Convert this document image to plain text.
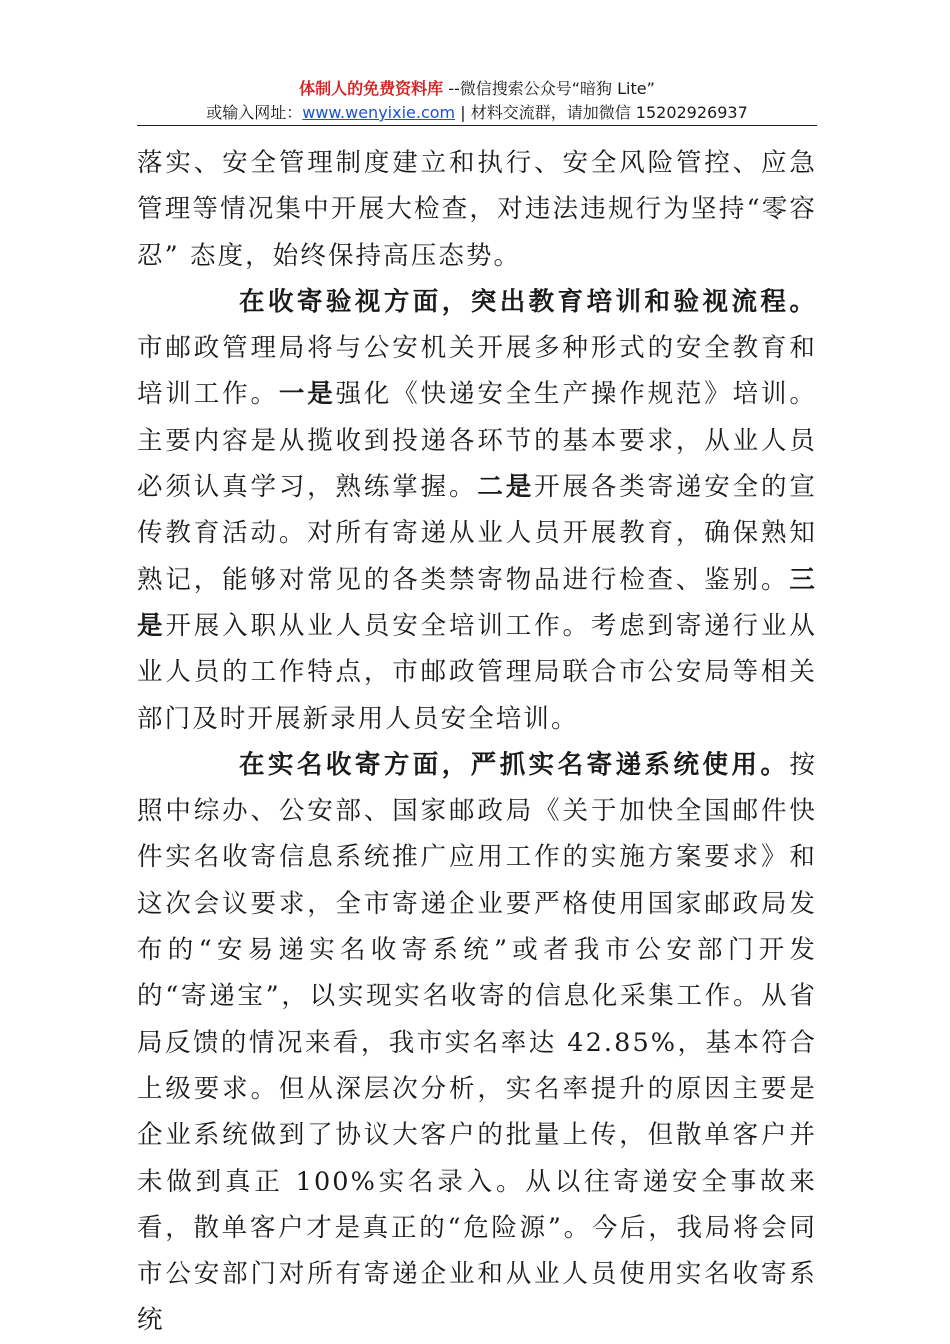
体制人的免费资料库 --微信搜索公众号“暗狗 Lite”
或输入网址：www.wenyixie.com | 材料交流群，请加微信 15202926937

落实、安全管理制度建立和执行、安全风险管控、应急管理等情况集中开展大检查，对违法违规行为坚持“零容忍” 态度，始终保持高压态势。

在收寄验视方面，突出教育培训和验视流程。市邮政管理局将与公安机关开展多种形式的安全教育和培训工作。一是强化《快递安全生产操作规范》培训。主要内容是从揽收到投递各环节的基本要求，从业人员必须认真学习，熟练掌握。二是开展各类寄递安全的宣传教育活动。对所有寄递从业人员开展教育，确保熟知熟记，能够对常见的各类禁寄物品进行检查、鉴别。三是开展入职从业人员安全培训工作。考虑到寄递行业从业人员的工作特点，市邮政管理局联合市公安局等相关部门及时开展新录用人员安全培训。

在实名收寄方面，严抓实名寄递系统使用。按照中综办、公安部、国家邮政局《关于加快全国邮件快件实名收寄信息系统推广应用工作的实施方案要求》和这次会议要求，全市寄递企业要严格使用国家邮政局发布的“安易递实名收寄系统”或者我市公安部门开发的“寄递宝”，以实现实名收寄的信息化采集工作。从省局反馈的情况来看，我市实名率达 42.85%，基本符合上级要求。但从深层次分析，实名率提升的原因主要是企业系统做到了协议大客户的批量上传，但散单客户并未做到真正 100%实名录入。从以往寄递安全事故来看，散单客户才是真正的“危险源”。今后，我局将会同市公安部门对所有寄递企业和从业人员使用实名收寄系统
